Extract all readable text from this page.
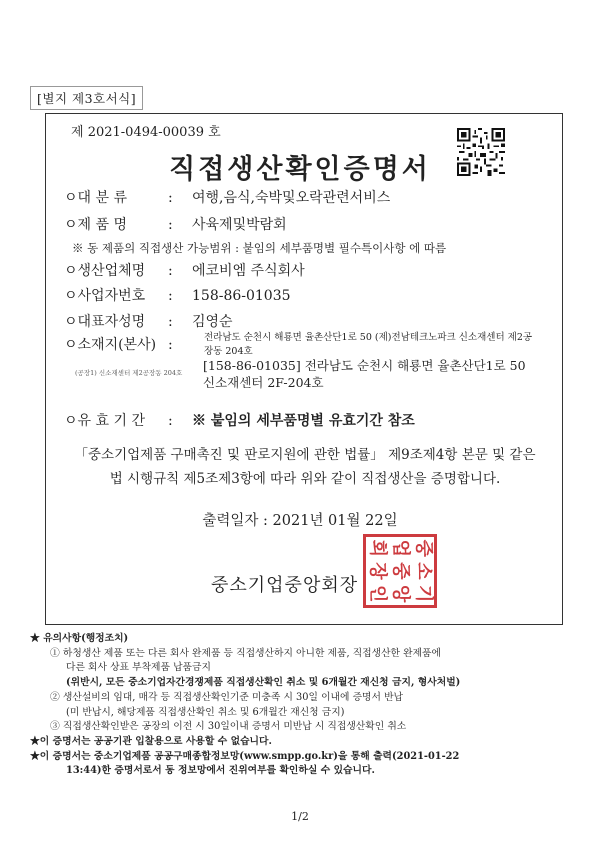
[별지 제3호서식]
제 2021-0494-00039 호
직접생산확인증명서
ㅇ대 분 류	: 여행,음식,숙박및오락관련서비스
ㅇ제 품 명	: 사육제및박람회
※ 동 제품의 직접생산 가능범위 : 붙임의 세부품명별 필수특이사항 에 따름
ㅇ생산업체명 : 에코비엠 주식회사
ㅇ사업자번호 : 158-86-01035
ㅇ대표자성명 : 김영순
ㅇ소재지(본사) :	전라남도 순천시 해룡면 율촌산단1로 50 (제)전남테크노파크 신소재센터 제2공장동 204호
(공장1) 신소재센터 제2공장동 204호 [158-86-01035] 전라남도 순천시 해룡면 율촌산단1로 50 신소재센터 2F-204호
ㅇ유 효 기 간 : ※ 붙임의 세부품명별 유효기간 참조
「중소기업제품 구매촉진 및 판로지원에 관한 법률」 제9조제4항 본문 및 같은 법 시행규칙 제5조제3항에 따라 위와 같이 직접생산을 증명합니다.
출력일자 : 2021년 01월 22일
중소기업중앙회장
중
소
기
업
중
앙
회
장
인
★ 유의사항(행정조치)
① 하청생산 제품 또는 다른 회사 완제품 등 직접생산하지 아니한 제품, 직접생산한 완제품에
다른 회사 상표 부착제품 납품금지
(위반시, 모든 중소기업자간경쟁제품 직접생산확인 취소 및 6개월간 재신청 금지, 형사처벌)
② 생산설비의 임대, 매각 등 직접생산확인기준 미충족 시 30일 이내에 증명서 반납
(미 반납시, 해당제품 직접생산확인 취소 및 6개월간 재신청 금지)
③ 직접생산확인받은 공장의 이전 시 30일이내 증명서 미반납 시 직접생산확인 취소
★이 증명서는 공공기관 입찰용으로 사용할 수 없습니다.
★이 증명서는 중소기업제품 공공구매종합정보망(www.smpp.go.kr)을 통해 출력(2021-01-22
13:44)한 증명서로서 동 정보망에서 진위여부를 확인하실 수 있습니다.
1/2
